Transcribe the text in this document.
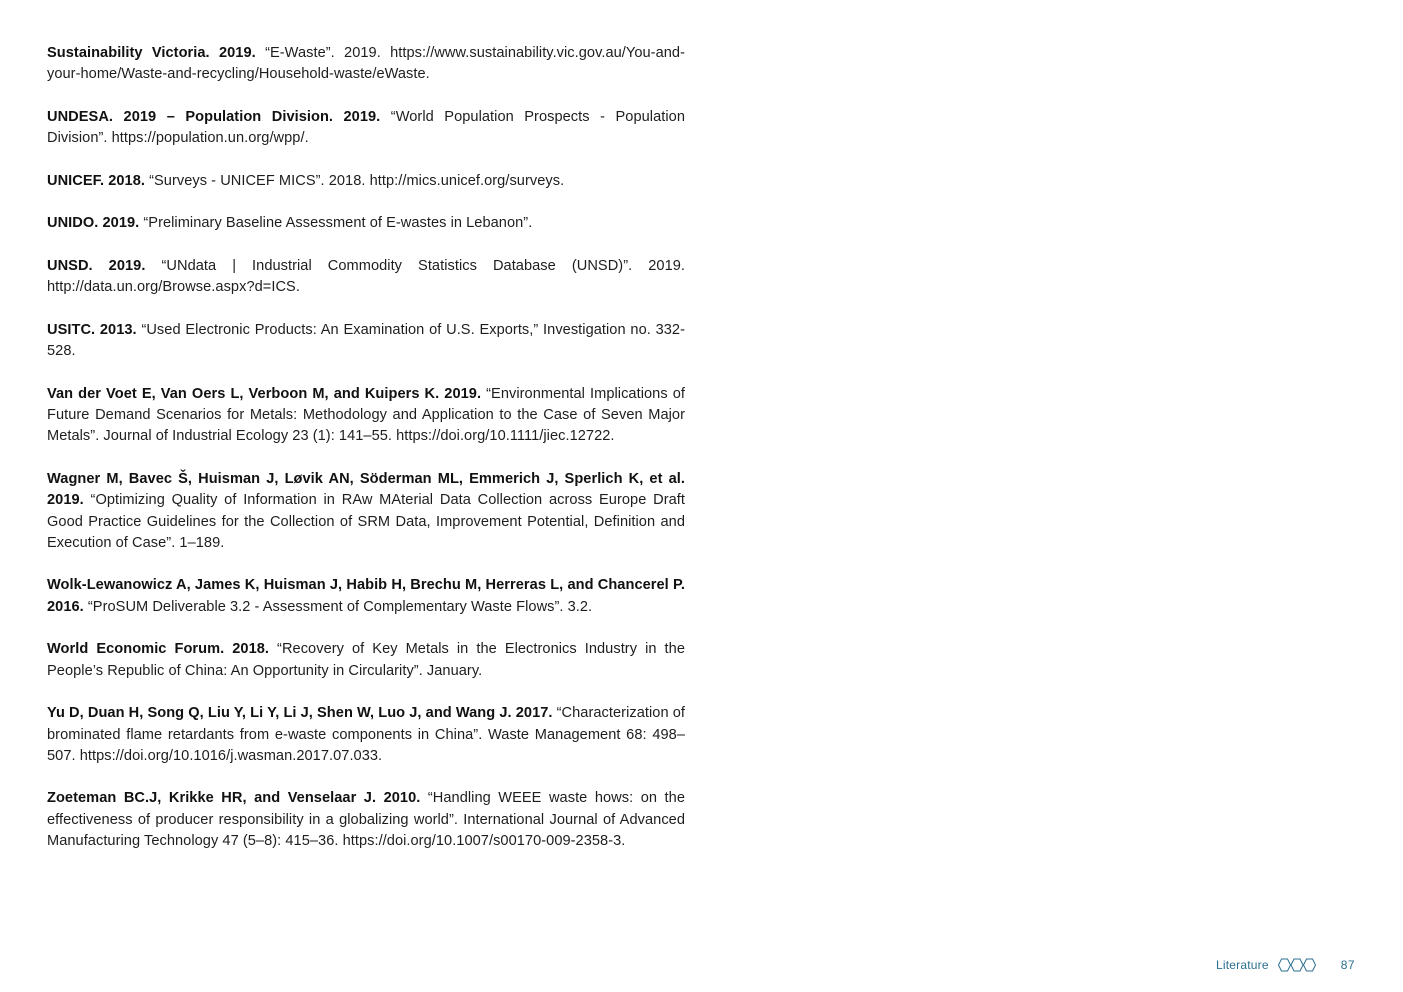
Sustainability Victoria. 2019. “E-Waste”. 2019. https://www.sustainability.vic.gov.au/You-and-your-home/Waste-and-recycling/Household-waste/eWaste.

UNDESA. 2019 – Population Division. 2019. “World Population Prospects - Population Division”. https://population.un.org/wpp/.

UNICEF. 2018. “Surveys - UNICEF MICS”. 2018. http://mics.unicef.org/surveys.

UNIDO. 2019. “Preliminary Baseline Assessment of E-wastes in Lebanon”.

UNSD. 2019. “UNdata | Industrial Commodity Statistics Database (UNSD)”. 2019. http://data.un.org/Browse.aspx?d=ICS.

USITC. 2013. “Used Electronic Products: An Examination of U.S. Exports,” Investigation no. 332-528.

Van der Voet E, Van Oers L, Verboon M, and Kuipers K. 2019. “Environmental Implications of Future Demand Scenarios for Metals: Methodology and Application to the Case of Seven Major Metals”. Journal of Industrial Ecology 23 (1): 141–55. https://doi.org/10.1111/jiec.12722.

Wagner M, Bavec Š, Huisman J, Løvik AN, Söderman ML, Emmerich J, Sperlich K, et al. 2019. “Optimizing Quality of Information in RAw MAterial Data Collection across Europe Draft Good Practice Guidelines for the Collection of SRM Data, Improvement Potential, Definition and Execution of Case”. 1–189.

Wolk-Lewanowicz A, James K, Huisman J, Habib H, Brechu M, Herreras L, and Chancerel P. 2016. “ProSUM Deliverable 3.2 - Assessment of Complementary Waste Flows”. 3.2.

World Economic Forum. 2018. “Recovery of Key Metals in the Electronics Industry in the People’s Republic of China: An Opportunity in Circularity”. January.

Yu D, Duan H, Song Q, Liu Y, Li Y, Li J, Shen W, Luo J, and Wang J. 2017. “Characterization of brominated flame retardants from e-waste components in China”. Waste Management 68: 498–507. https://doi.org/10.1016/j.wasman.2017.07.033.

Zoeteman BC.J, Krikke HR, and Venselaar J. 2010. “Handling WEEE waste hows: on the effectiveness of producer responsibility in a globalizing world”. International Journal of Advanced Manufacturing Technology 47 (5–8): 415–36. https://doi.org/10.1007/s00170-009-2358-3.

Literature	87
